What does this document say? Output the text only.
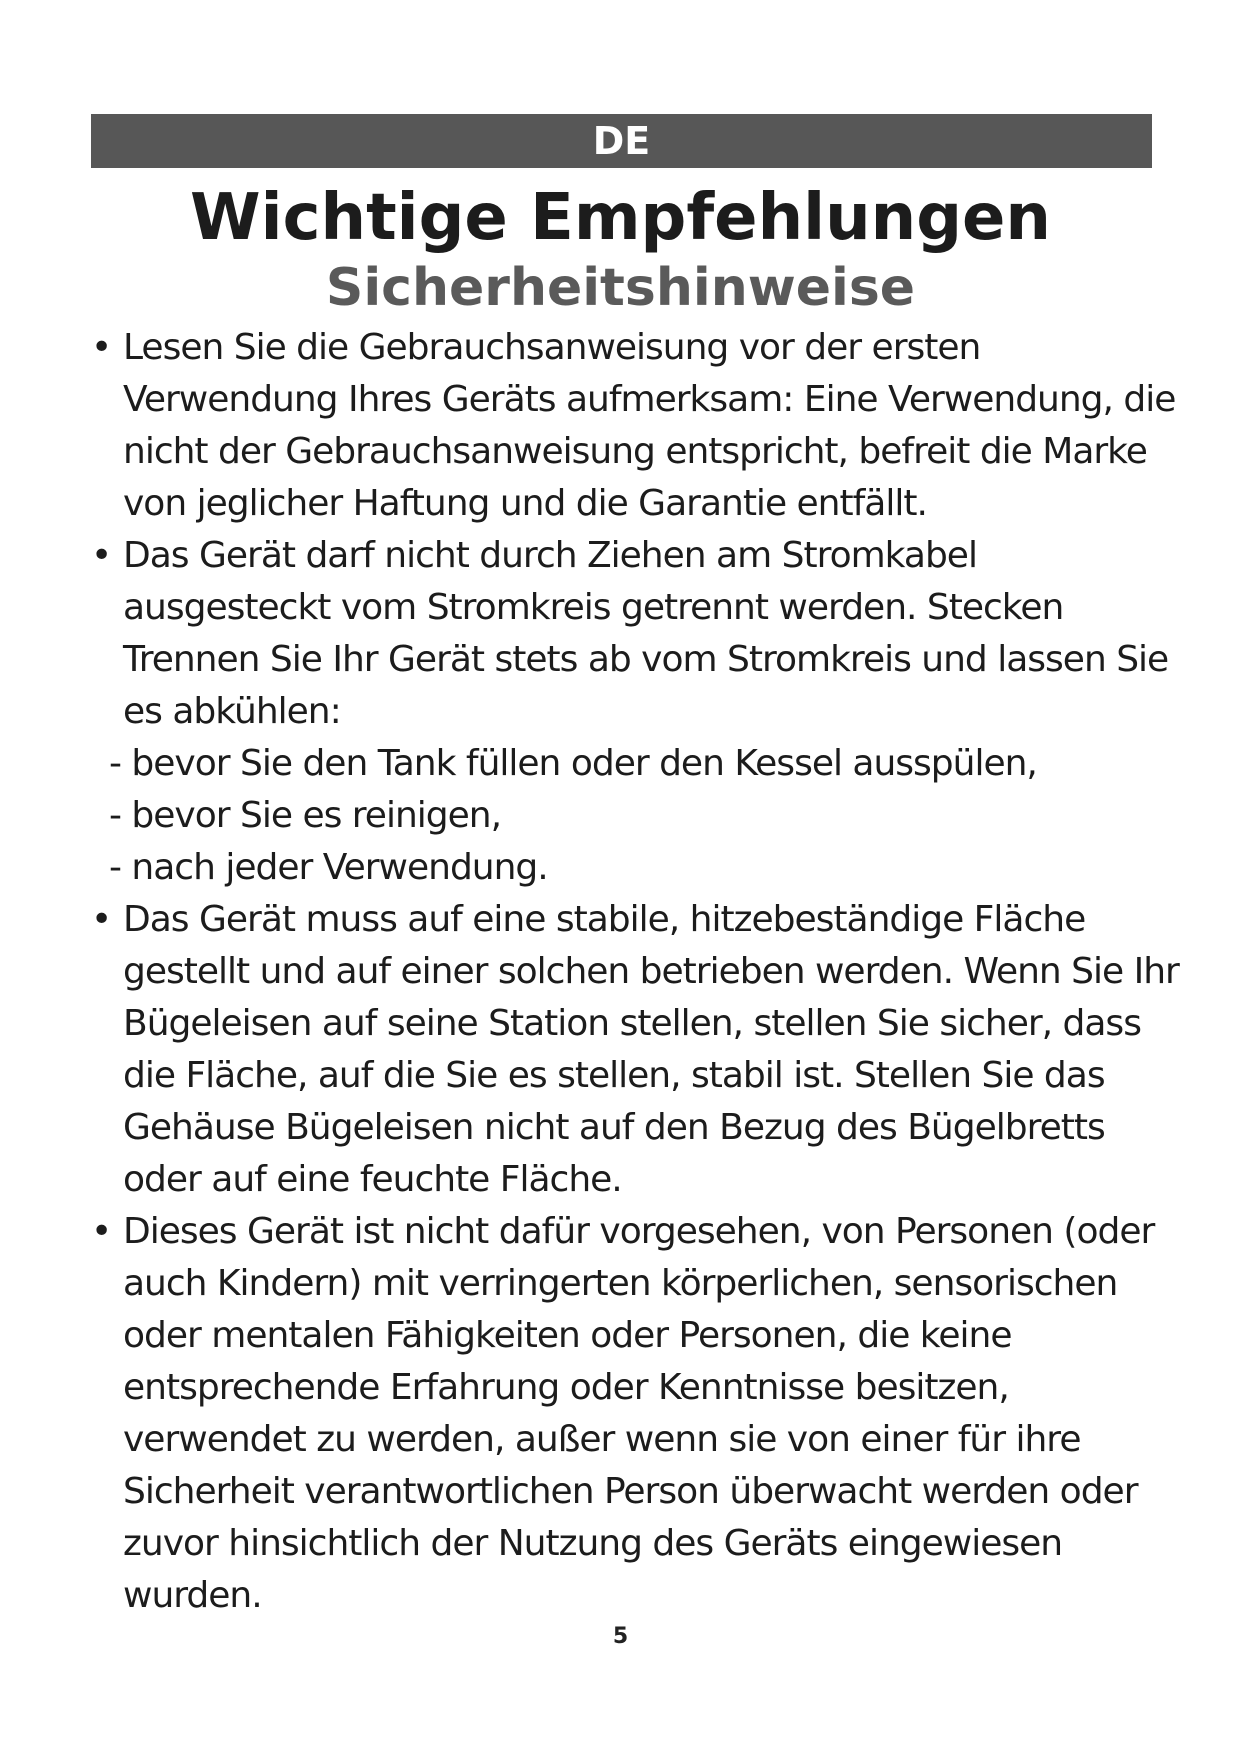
DE
Wichtige Empfehlungen
Sicherheitshinweise
• Lesen Sie die Gebrauchsanweisung vor der ersten Verwendung Ihres Geräts aufmerksam: Eine Verwendung, die nicht der Gebrauchsanweisung entspricht, befreit die Marke von jeglicher Haftung und die Garantie entfällt.
• Das Gerät darf nicht durch Ziehen am Stromkabel ausgesteckt vom Stromkreis getrennt werden. Stecken Trennen Sie Ihr Gerät stets ab vom Stromkreis und lassen Sie es abkühlen:
- bevor Sie den Tank füllen oder den Kessel ausspülen,
- bevor Sie es reinigen,
- nach jeder Verwendung.
• Das Gerät muss auf eine stabile, hitzebeständige Fläche gestellt und auf einer solchen betrieben werden. Wenn Sie Ihr Bügeleisen auf seine Station stellen, stellen Sie sicher, dass die Fläche, auf die Sie es stellen, stabil ist. Stellen Sie das Gehäuse Bügeleisen nicht auf den Bezug des Bügelbretts oder auf eine feuchte Fläche.
• Dieses Gerät ist nicht dafür vorgesehen, von Personen (oder auch Kindern) mit verringerten körperlichen, sensorischen oder mentalen Fähigkeiten oder Personen, die keine entsprechende Erfahrung oder Kenntnisse besitzen, verwendet zu werden, außer wenn sie von einer für ihre Sicherheit verantwortlichen Person überwacht werden oder zuvor hinsichtlich der Nutzung des Geräts eingewiesen wurden.
5
